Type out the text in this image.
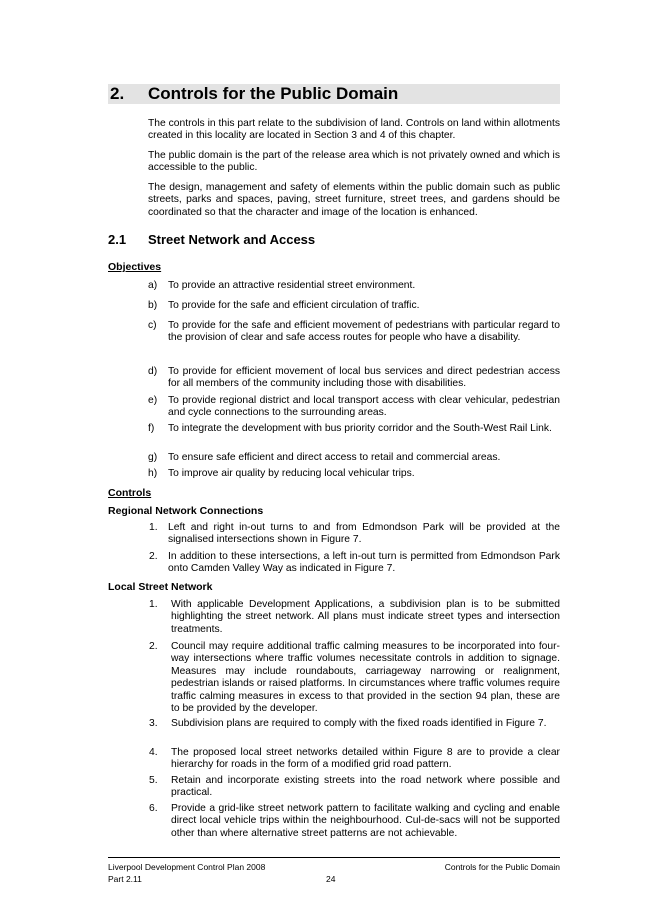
2. Controls for the Public Domain

The controls in this part relate to the subdivision of land. Controls on land within allotments created in this locality are located in Section 3 and 4 of this chapter.

The public domain is the part of the release area which is not privately owned and which is accessible to the public.

The design, management and safety of elements within the public domain such as public streets, parks and spaces, paving, street furniture, street trees, and gardens should be coordinated so that the character and image of the location is enhanced.

2.1 Street Network and Access
Objectives
a) To provide an attractive residential street environment.
b) To provide for the safe and efficient circulation of traffic.
c) To provide for the safe and efficient movement of pedestrians with particular regard to the provision of clear and safe access routes for people who have a disability.
d) To provide for efficient movement of local bus services and direct pedestrian access for all members of the community including those with disabilities.
e) To provide regional district and local transport access with clear vehicular, pedestrian and cycle connections to the surrounding areas.
f) To integrate the development with bus priority corridor and the South-West Rail Link.
g) To ensure safe efficient and direct access to retail and commercial areas.
h) To improve air quality by reducing local vehicular trips.
Controls
Regional Network Connections
1. Left and right in-out turns to and from Edmondson Park will be provided at the signalised intersections shown in Figure 7.
2. In addition to these intersections, a left in-out turn is permitted from Edmondson Park onto Camden Valley Way as indicated in Figure 7.
Local Street Network
1. With applicable Development Applications, a subdivision plan is to be submitted highlighting the street network. All plans must indicate street types and intersection treatments.
2. Council may require additional traffic calming measures to be incorporated into four-way intersections where traffic volumes necessitate controls in addition to signage. Measures may include roundabouts, carriageway narrowing or realignment, pedestrian islands or raised platforms. In circumstances where traffic volumes require traffic calming measures in excess to that provided in the section 94 plan, these are to be provided by the developer.
3. Subdivision plans are required to comply with the fixed roads identified in Figure 7.
4. The proposed local street networks detailed within Figure 8 are to provide a clear hierarchy for roads in the form of a modified grid road pattern.
5. Retain and incorporate existing streets into the road network where possible and practical.
6. Provide a grid-like street network pattern to facilitate walking and cycling and enable direct local vehicle trips within the neighbourhood. Cul-de-sacs will not be supported other than where alternative street patterns are not achievable.
Liverpool Development Control Plan 2008
Part 2.11	24
Controls for the Public Domain
